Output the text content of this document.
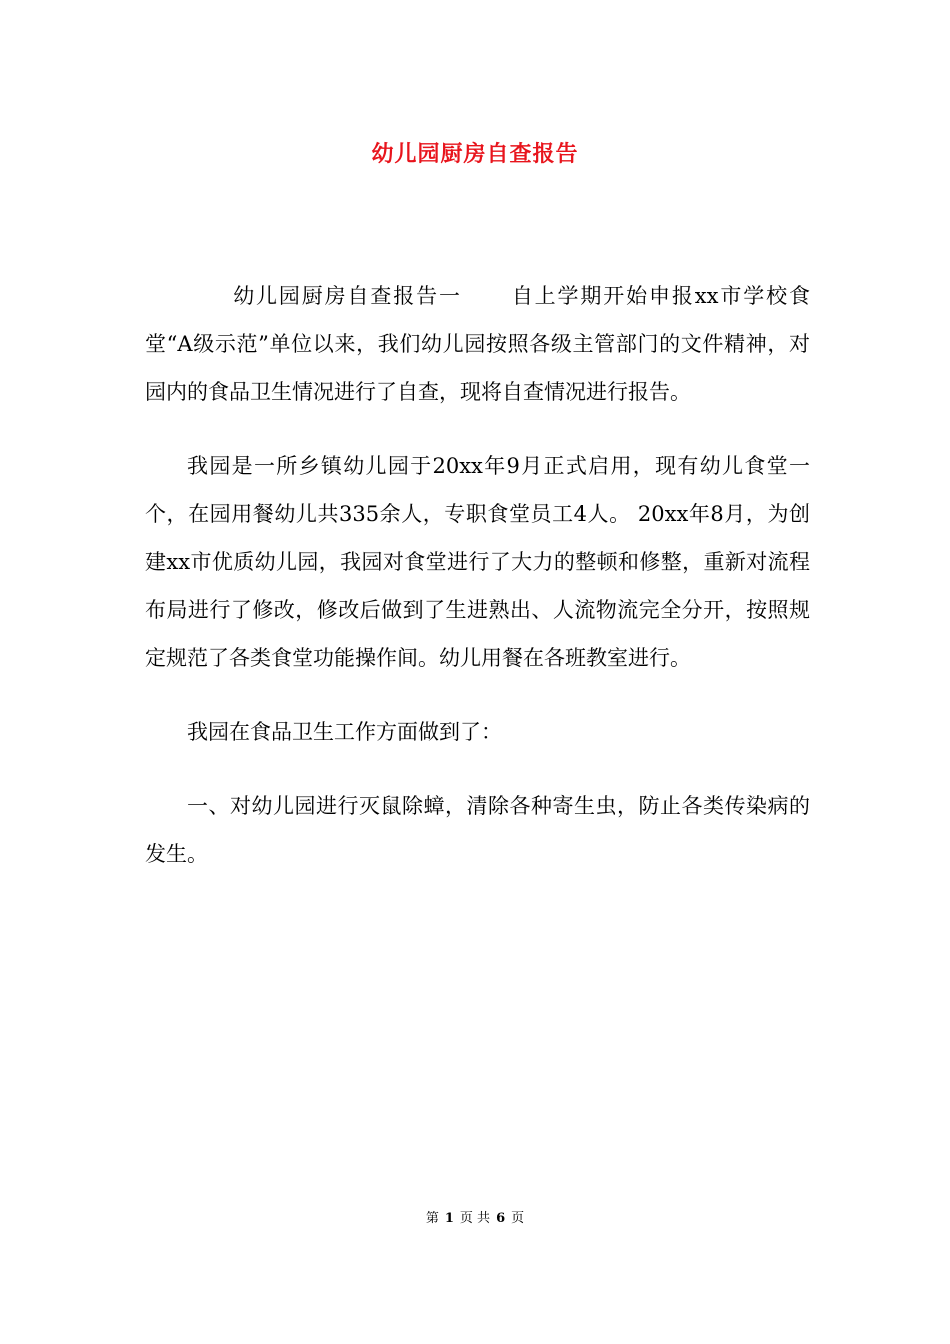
幼儿园厨房自查报告

幼儿园厨房自查报告一 自上学期开始申报xx市学校食堂“A级示范”单位以来，我们幼儿园按照各级主管部门的文件精神，对园内的食品卫生情况进行了自查，现将自查情况进行报告。

我园是一所乡镇幼儿园于20xx年9月正式启用，现有幼儿食堂一个，在园用餐幼儿共335余人，专职食堂员工4人。 20xx年8月，为创建xx市优质幼儿园，我园对食堂进行了大力的整顿和修整，重新对流程布局进行了修改，修改后做到了生进熟出、人流物流完全分开，按照规定规范了各类食堂功能操作间。幼儿用餐在各班教室进行。

我园在食品卫生工作方面做到了：

一、对幼儿园进行灭鼠除蟑，清除各种寄生虫，防止各类传染病的发生。

第 1 页 共 6 页
